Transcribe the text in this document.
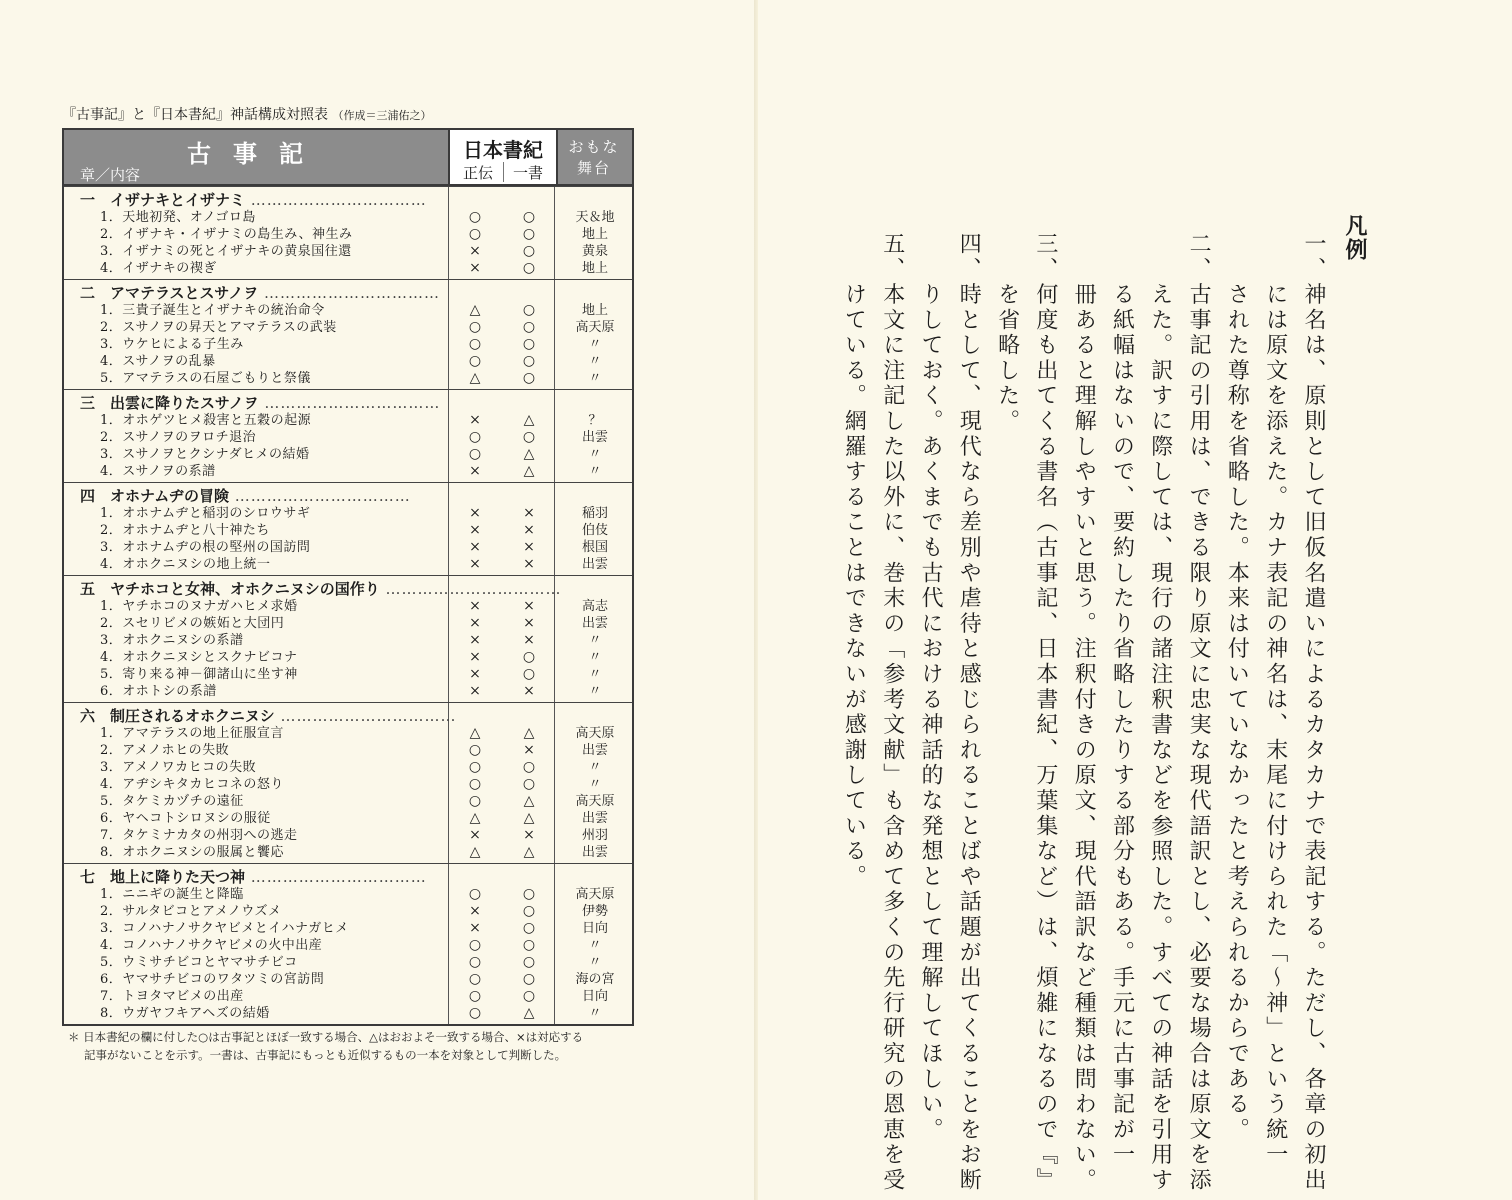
『古事記』と『日本書紀』神話構成対照表 （作成＝三浦佑之）
古事記
章／内容
日本書紀
正伝	一書
おもな
舞台
一　イザナキとイザナミ ……………………………
1．天地初発、オノゴロ島	○	○	天＆地
2．イザナキ・イザナミの島生み、神生み	○	○	地上
3．イザナミの死とイザナキの黄泉国往還	×	○	黄泉
4．イザナキの禊ぎ	×	○	地上
二　アマテラスとスサノヲ ……………………………
1．三貴子誕生とイザナキの統治命令	△	○	地上
2．スサノヲの昇天とアマテラスの武装	○	○	高天原
3．ウケヒによる子生み	○	○	〃
4．スサノヲの乱暴	○	○	〃
5．アマテラスの石屋ごもりと祭儀	△	○	〃
三　出雲に降りたスサノヲ ……………………………
1．オホゲツヒメ殺害と五穀の起源	×	△	？
2．スサノヲのヲロチ退治	○	○	出雲
3．スサノヲとクシナダヒメの結婚	○	△	〃
4．スサノヲの系譜	×	△	〃
四　オホナムヂの冒険 ……………………………
1．オホナムヂと稲羽のシロウサギ	×	×	稲羽
2．オホナムヂと八十神たち	×	×	伯伎
3．オホナムヂの根の堅州の国訪問	×	×	根国
4．オホクニヌシの地上統一	×	×	出雲
五　ヤチホコと女神、オホクニヌシの国作り ……………………………
1．ヤチホコのヌナガハヒメ求婚	×	×	高志
2．スセリビメの嫉妬と大団円	×	×	出雲
3．オホクニヌシの系譜	×	×	〃
4．オホクニヌシとスクナビコナ	×	○	〃
5．寄り来る神－御諸山に坐す神	×	○	〃
6．オホトシの系譜	×	×	〃
六　制圧されるオホクニヌシ ……………………………
1．アマテラスの地上征服宣言	△	△	高天原
2．アメノホヒの失敗	○	×	出雲
3．アメノワカヒコの失敗	○	○	〃
4．アヂシキタカヒコネの怒り	○	○	〃
5．タケミカヅチの遠征	○	△	高天原
6．ヤヘコトシロヌシの服従	△	△	出雲
7．タケミナカタの州羽への逃走	×	×	州羽
8．オホクニヌシの服属と饗応	△	△	出雲
七　地上に降りた天つ神 ……………………………
1．ニニギの誕生と降臨	○	○	高天原
2．サルタビコとアメノウズメ	×	○	伊勢
3．コノハナノサクヤビメとイハナガヒメ	×	○	日向
4．コノハナノサクヤビメの火中出産	○	○	〃
5．ウミサチビコとヤマサチビコ	○	○	〃
6．ヤマサチビコのワタツミの宮訪問	○	○	海の宮
7．トヨタマビメの出産	○	○	日向
8．ウガヤフキアヘズの結婚	○	△	〃
＊ 日本書紀の欄に付した○は古事記とほぼ一致する場合、△はおおよそ一致する場合、×は対応する
記事がないことを示す。一書は、古事記にもっとも近似するもの一本を対象として判断した。
凡例
一、神名は、原則として旧仮名遣いによるカタカナで表記する。ただし、各章の初出
　　には原文を添えた。カナ表記の神名は、末尾に付けられた「～神」という統一
　　された尊称を省略した。本来は付いていなかったと考えられるからである。
二、古事記の引用は、できる限り原文に忠実な現代語訳とし、必要な場合は原文を添
　　えた。訳すに際しては、現行の諸注釈書などを参照した。すべての神話を引用す
　　る紙幅はないので、要約したり省略したりする部分もある。手元に古事記が一
　　冊あると理解しやすいと思う。注釈付きの原文、現代語訳など種類は問わない。
三、何度も出てくる書名（古事記、日本書紀、万葉集など）は、煩雑になるので『』
　　を省略した。
四、時として、現代なら差別や虐待と感じられることばや話題が出てくることをお断
　　りしておく。あくまでも古代における神話的な発想として理解してほしい。
五、本文に注記した以外に、巻末の「参考文献」も含めて多くの先行研究の恩恵を受
　　けている。網羅することはできないが感謝している。
